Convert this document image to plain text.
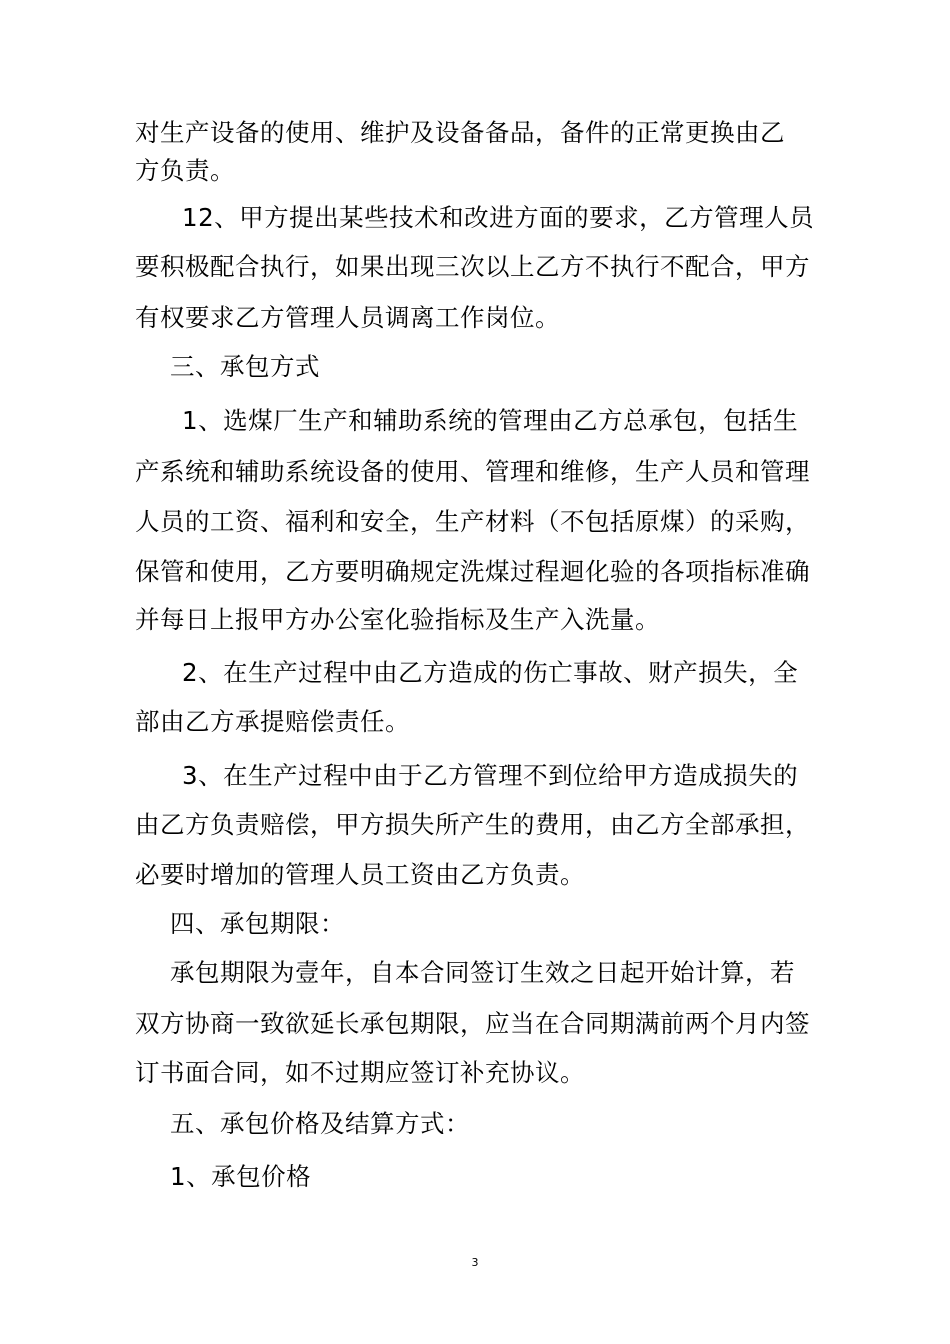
对生产设备的使用、维护及设备备品，备件的正常更换由乙
方负责。
12、甲方提出某些技术和改进方面的要求，乙方管理人员
要积极配合执行，如果出现三次以上乙方不执行不配合，甲方
有权要求乙方管理人员调离工作岗位。
三、承包方式
1、选煤厂生产和辅助系统的管理由乙方总承包，包括生
产系统和辅助系统设备的使用、管理和维修，生产人员和管理
人员的工资、福利和安全，生产材料（不包括原煤）的采购，
保管和使用，乙方要明确规定洗煤过程迴化验的各项指标准确
并每日上报甲方办公室化验指标及生产入洗量。
2、在生产过程中由乙方造成的伤亡事故、财产损失，全
部由乙方承提赔偿责任。
3、在生产过程中由于乙方管理不到位给甲方造成损失的
由乙方负责赔偿，甲方损失所产生的费用，由乙方全部承担，
必要时增加的管理人员工资由乙方负责。
四、承包期限：
承包期限为壹年，自本合同签订生效之日起开始计算，若
双方协商一致欲延长承包期限，应当在合同期满前两个月内签
订书面合同，如不过期应签订补充协议。
五、承包价格及结算方式：
1、承包价格
3
